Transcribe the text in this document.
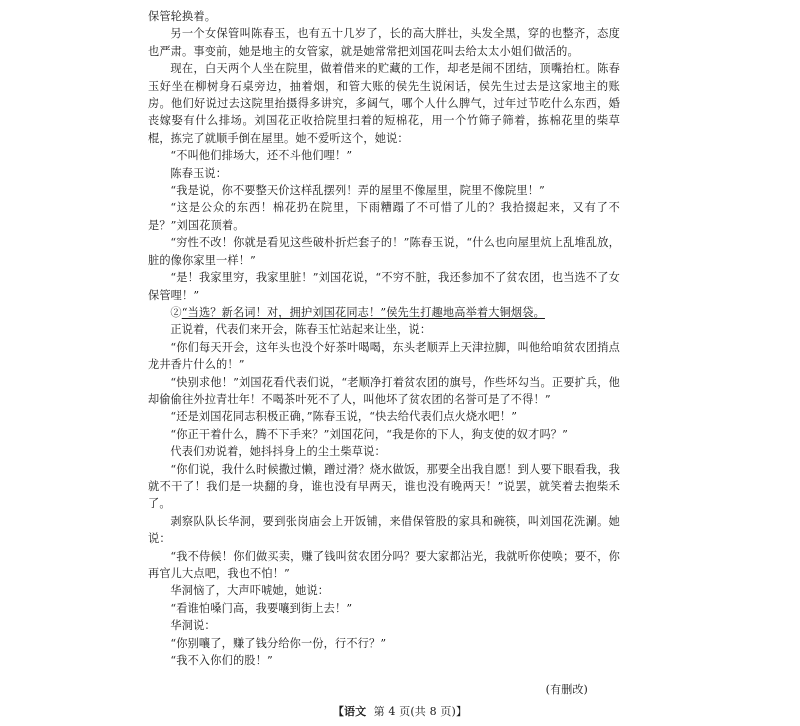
保管轮换着。

另一个女保管叫陈春玉，也有五十几岁了，长的高大胖壮，头发全黑，穿的也整齐，态度也严肃。事变前，她是地主的女管家，就是她常常把刘国花叫去给太太小姐们做活的。

现在，白天两个人坐在院里，做着借来的贮藏的工作，却老是闹不团结，顶嘴抬杠。陈春玉好坐在柳树身石桌旁边，抽着烟，和管大账的侯先生说闲话，侯先生过去是这家地主的账房。他们好说过去这院里抬摄得多讲究，多阔气，哪个人什么脾气，过年过节吃什么东西，婚丧嫁娶有什么排场。刘国花正收拾院里扫着的短棉花，用一个竹筛子筛着，拣棉花里的柴草棍，拣完了就顺手倒在屋里。她不爱听这个，她说：

“不叫他们排场大，还不斗他们哩！”

陈春玉说：

“我是说，你不要整天价这样乱摆列！弄的屋里不像屋里，院里不像院里！”

“这是公众的东西！棉花扔在院里，下雨糟蹋了不可惜了儿的？我拾掇起来，又有了不是？”刘国花顶着。

“穷性不改！你就是看见这些破朴折烂套子的！”陈春玉说，“什么也向屋里炕上乱堆乱放，脏的像你家里一样！”

“是！我家里穷，我家里脏！”刘国花说，“不穷不脏，我还参加不了贫农团，也当选不了女保管哩！”

②“当选？新名词！对，拥护刘国花同志！”侯先生打趣地高举着大铜烟袋。

正说着，代表们来开会，陈春玉忙站起来让坐，说：

“你们每天开会，这年头也没个好茶叶喝喝，东头老顺弄上天津拉脚，叫他给咱贫农团捎点龙井香片什么的！”

“快别求他！”刘国花看代表们说，“老顺净打着贫农团的旗号，作些坏勾当。正要扩兵，他却偷偷往外拉青壮年！不喝茶叶死不了人，叫他坏了贫农团的名誉可是了不得！”

“还是刘国花同志积极正确，”陈春玉说，“快去给代表们点火烧水吧！”

“你正干着什么，腾不下手来？”刘国花问，“我是你的下人，狗支使的奴才吗？”

代表们劝说着，她抖抖身上的尘土柴草说：

“你们说，我什么时候撒过懒，蹭过滑？烧水做饭，那要全出我自愿！到人要下眼看我，我就不干了！我们是一块翻的身，谁也没有早两天，谁也没有晚两天！”说罢，就笑着去抱柴禾了。

剥察队队长华洞，要到张岗庙会上开饭铺，来借保管股的家具和碗筷，叫刘国花洗涮。她说：

“我不侍候！你们做买卖，赚了钱叫贫农团分吗？要大家都沾光，我就听你使唤；要不，你再官儿大点吧，我也不怕！”

华洞恼了，大声吓唬她，她说：

“看谁怕嗓门高，我要嚷到街上去！”

华洞说：

“你别嚷了，赚了钱分给你一份，行不行？”

“我不入你们的股！”

(有删改)

【语文 第 4 页(共 8 页)】
